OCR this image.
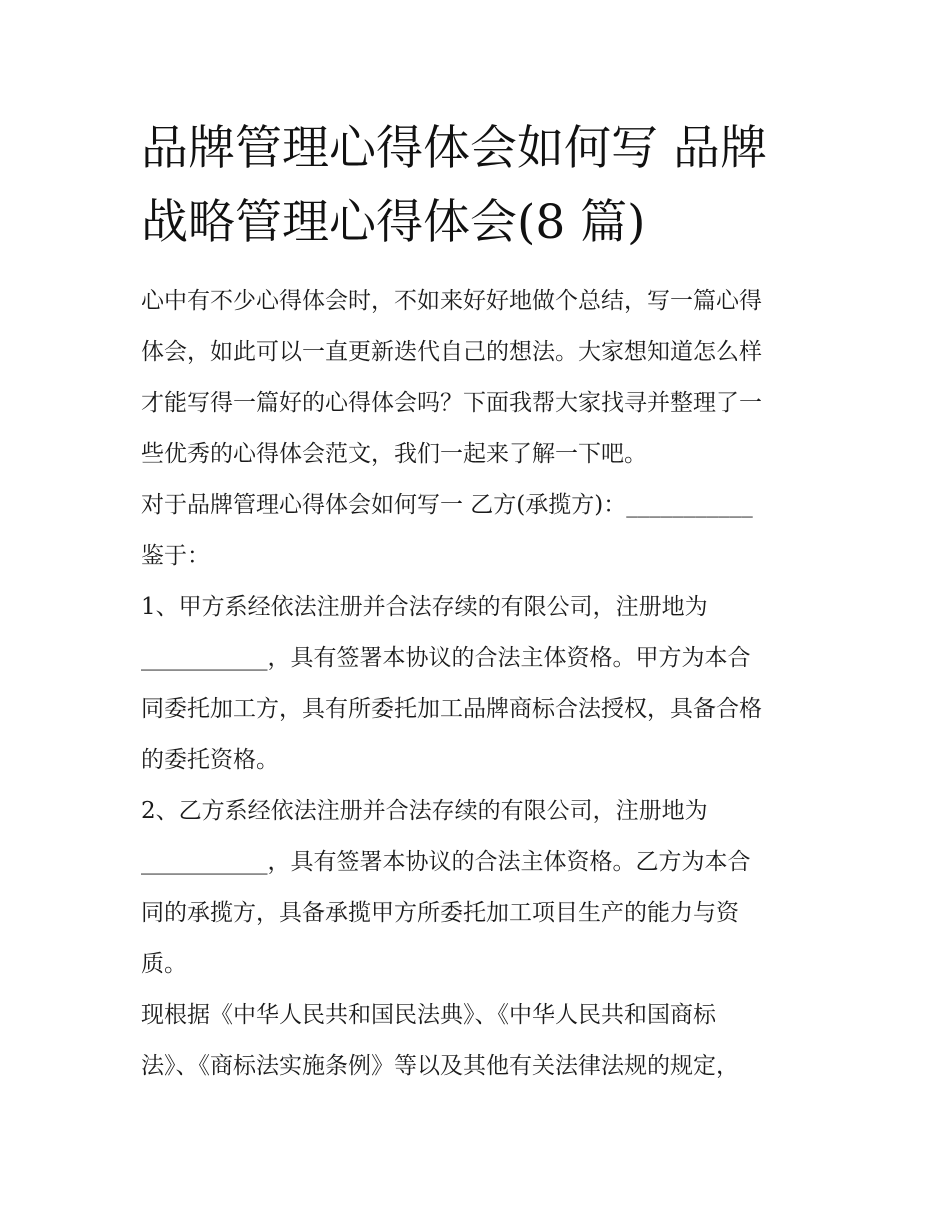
品牌管理心得体会如何写 品牌
战略管理心得体会(8 篇)
心中有不少心得体会时，不如来好好地做个总结，写一篇心得
体会，如此可以一直更新迭代自己的想法。大家想知道怎么样
才能写得一篇好的心得体会吗？下面我帮大家找寻并整理了一
些优秀的心得体会范文，我们一起来了解一下吧。
对于品牌管理心得体会如何写一 乙方(承揽方)：___________
鉴于：
1、甲方系经依法注册并合法存续的有限公司，注册地为
___________，具有签署本协议的合法主体资格。甲方为本合
同委托加工方，具有所委托加工品牌商标合法授权，具备合格
的委托资格。
2、乙方系经依法注册并合法存续的有限公司，注册地为
___________，具有签署本协议的合法主体资格。乙方为本合
同的承揽方，具备承揽甲方所委托加工项目生产的能力与资
质。
现根据《中华人民共和国民法典》、《中华人民共和国商标
法》、《商标法实施条例》等以及其他有关法律法规的规定，
